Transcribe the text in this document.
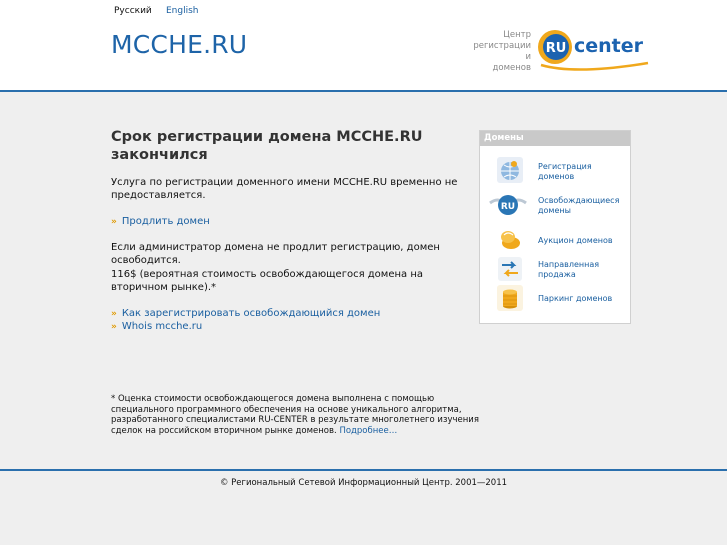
Русский English
MCCHE.RU	Центр
регистрации
и
доменов
RU center
Срок регистрации домена MCCHE.RU закончился

Услуга по регистрации доменного имени MCCHE.RU временно не предоставляется.

» Продлить домен

Если администратор домена не продлит регистрацию, домен освободится.

116$ (вероятная стоимость освобождающегося домена на вторичном рынке).*

» Как зарегистрировать освобождающийся домен
» Whois mcche.ru
* Оценка стоимости освобождающегося домена выполнена с помощью специального программного обеспечения на основе уникального алгоритма, разработанного специалистами RU-CENTER в результате многолетнего изучения сделок на российском вторичном рынке доменов. Подробнее…
Домены
Регистрация
доменов
RU
Освобождающиеся
домены
Аукцион доменов
Направленная
продажа
Паркинг доменов
© Региональный Сетевой Информационный Центр. 2001—2011
